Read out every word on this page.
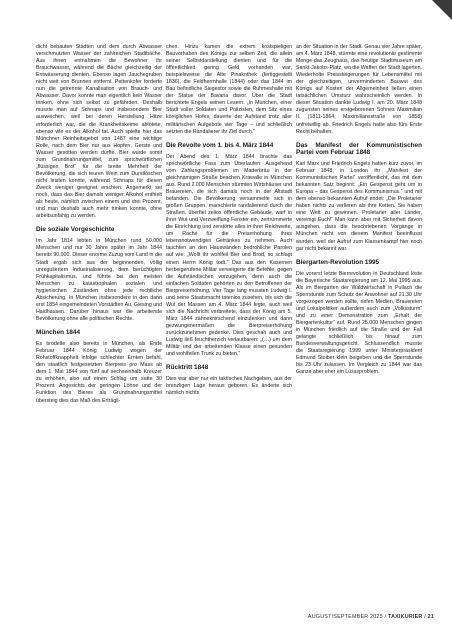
dicht bebauten Städten und dem durch Abwasser verschmutzten Wasser der zahlreichen Stadtbäche. Aus ihnen entnahmen die Bewohner ihr Brauchwasser, während die Bäche gleichzeitig der Entwässerung dienten. Ebenso lagen Jauchegruben nicht weit von Brunnen entfernt. Pettenkofer forderte nun die getrennte Kanalisation von Brauch- und Abwasser. Davor konnte man eigentlich kein Wasser trinken, ohne sich selbst zu gefährden. Deshalb musste man auf Schnaps und insbesondere Bier ausweichen, weil bei deren Herstellung Hitze erforderlich war, die die Krankheitskeime abtötete, ebenso wie es der Alkohol tat. Auch spielte hier das Münchner Reinheitsgebot von 1487 eine wichtige Rolle, nach dem Bier nur aus Hopfen, Gerste und Wasser gesotten werden durfte. Bier wurde somit zum Grundnahrungsmittel, zum sprichwörtlichen „flüssigen Brot“ für die breite Mehrheit der Bevölkerung, die sich teuren Wein zum Durstlöschen nicht leisten konnte, während Schnaps für diesen Zweck weniger geeignet erschien. Angemerkt sei noch, dass das Bier damals weniger Alkohol enthielt als heute, nämlich zwischen einem und drei Prozent, und man deshalb auch mehr trinken konnte, ohne arbeitsunfähig zu werden.

Die soziale Vorgeschichte

Im Jahr 1814 lebten in München rund 50.000 Menschen und nur 30 Jahre später im Jahr 1844 bereits 90.000. Dieser enorme Zuzug vom Land in die Stadt ergab sich aus der beginnenden, völlig unreguliertem Industrialisierung, dem berüchtigten Frühkapitalismus, und führte bei den meisten Menschen zu katastrophalen sozialen und hygienischen Zuständen ohne jede rechtliche Absicherung. In München insbesondere in den dann erst 1854 eingemeindeten Vorstädten Au, Giesing und Haidhausen. Darüber hinaus war die arbeitende Bevölkerung ohne alle politischen Rechte.

München 1844

Es brodelte also bereits in München, als Ende Februar 1844 König Ludwig wegen der Rohstoffknappheit infolge schlechter Ernten befahl, den staatlich festgesetzten Bierpreis pro Mass ab dem 1. Mai 1844 von fünf auf sechseinhalb Kreuzer zu erhöhen, also auf einen Schlag um satte 30 Prozent. Angesichts der geringen Löhne und der Funktion des Bieres als Grundnahrungsmittel übersteig dies das Maß des Erträgli-

chen. Hinzu kamen die extrem kostspieligen Bauvorhaben des Königs zur selben Zeit, die allein seiner Selbstdarstellung dienten und für die öffentlichkeit gering Geld vorhanden war, beispielsweise die Alte Pinakothek (fertiggestellt 1836), die Feldherrnhalle (1844) oder das 1844 im Bau befindliche Siegestor sowie die Ruhmeshalle mit der Statue der Bavaria davor. Über die Stadt berichtete Engels seinen Lesern: „In München, einer Stadt voller Soldaten und Polizisten, dem Sitz eines königlichen Hofes, dauerte der Aufstand trotz aller militärischen Aufgebote vier Tage – und schließlich setzten die Randalierer ihr Ziel durch.“

Die Revolte vom 1. bis 4. März 1844

Der Abend des 1. März 1844 brachte das sprichwörtliche Fass zum Überlaufen: Ausgehend vom Zahlungsproblemen im Maderbräu in der gleichnamigen Straße beachen Krawalle in München aus. Rund 2.000 Menschen stürmten Wirtshäuser und Brauereien, die sich damals noch in der Altstadt befanden. Die Bevölkerung versammelte sich in großen Gruppen, marschierte randalierend durch die Straßen, überfiel zelios öffentliche Gebäude, warf in ihrer Wut und Verzweiflung Fenster ein, zertrümmerte die Einrichtung und zerstörte alles in ihrer Reichweite, um Rache für die Preiserhöhung ihres lebensnotwendigen Getränkes zu nehmen. Auch tauchten an den Hauswänden bedrohliche Parolen auf wie: „Wollt ihr wohlfeil Bier und Brod, so schlagt einen Herrn König todt.“ Das aus den Kasernen herbeigerufene Militär verweigerte die Befehle, gegen die Aufständischen vorzugehen, denn auch die einfachen Soldaten gehörten zu den Betroffenen der Bierpreiserhöhung. Vier Tage lang mussten Ludwig I. und seine Staatsmacht tatenlos zusehen, bis sich die Wut der Massen am 4. März 1844 legte, auch weil sich die Nachricht verbreitete, dass der König am 5. März 1844 zähneknirschend einzulenken und dann gezwungenermaßen die Bierpreiserhöhung zurückzunehmen gedenke. Dies geschah auch und Ludwig ließ feuchtherzich verlautbaren: „(…) um dem Militär und der arbeitenden Klasse einen gesunden und wohlfeilen Trunk zu bieten.“

Rücktritt 1848

Dies war aber nur ein taktisches Nachgeben, aus der brenzligen Lage heraus geboren. Es änderte sich nämlich nichts

an der Situation in der Stadt. Genau vier Jahre später, am 4. März 1848, stürmte eine revolutionär gestimmte Menge das Zeughaus, das heutige Stadtmuseum am Sankt-Jakobs-Platz, wo die Waffen der Stadt lagerten. Wiederholte Preissteigerungen für Lebensmittel mit der gleichzeitigen, unverminderten Bauwut des Königs auf Kosten der Allgemeinheit ließen einen tatsächlichen Umsturz wahrscheinlich werden. In dieser Situation dankte Ludwig I. am 20. März 1848 zugunsten seines erstgeborenen Sohnes Maximilian II. (1811-1864, Maximiliansstraße von 1858) unfreiwillig ab. Friedrich Engels hatte also fürs Erste Recht behalten.

Das Manifest der Kommunistischen Partei vom Februar 1848

Karl Marx und Friedrich Engels hatten kurz zuvor, im Februar 1848, in London ihr „Manifest der Kommunistischen Partei“ veröffentlicht, das mit dem bekannten Satz beginnt: „Ein Gespenst geht um in Europa – das Gespenst des Kommunismus.“ und mit dem ebenso bekannten Aufruf endet: „Die Proletarier haben nichts zu verlieren als ihre Ketten. Sie haben eine Welt zu gewinnen. Proletarier aller Länder, vereinigt Euch!“ Man kann aber mit Sicherheit davon ausgehen, dass die beschriebenen Vorgänge in München nicht von diesem Manifest beeinflusst wurden, weil der Aufruf zum Klassenkampf hier noch gar nicht bekannt war.

Biergarten-Revolution 1995

Die vorerst letzte Bierrevolution in Deutschland löste die Bayerische Staatsregierung am 12. Mai 1995 aus. Als im Biergarten der Waldwirtschaft in Pullach die Sperrstunde zum Schutz der Anwohner auf 21.30 Uhr vorgezogen werden sollte, riefen Medien, Brauereien und Lokalpolitiker außerdem auch zum „Volkssturm“ und zu einer Demonstration zum „Erhalt der Biergartenkultur“ auf. Rund 25.000 Menschen gingen in München friedlich auf die Straße und der Fall gelangte schließlich bis hinauf zum Bundesverwaltungsgericht. Schlussendlich musste die Staatsregierung 1999 unter Ministerpräsident Edmund Stoiber klein beigeben und die Sperrstunde bis 23 Uhr zulassen. Im Vergleich zu 1844 war das Ganze aber eher ein Lüsssproblem.

AUGUST/SEPTEMBER 2025 / TAXIKURIER / 21
